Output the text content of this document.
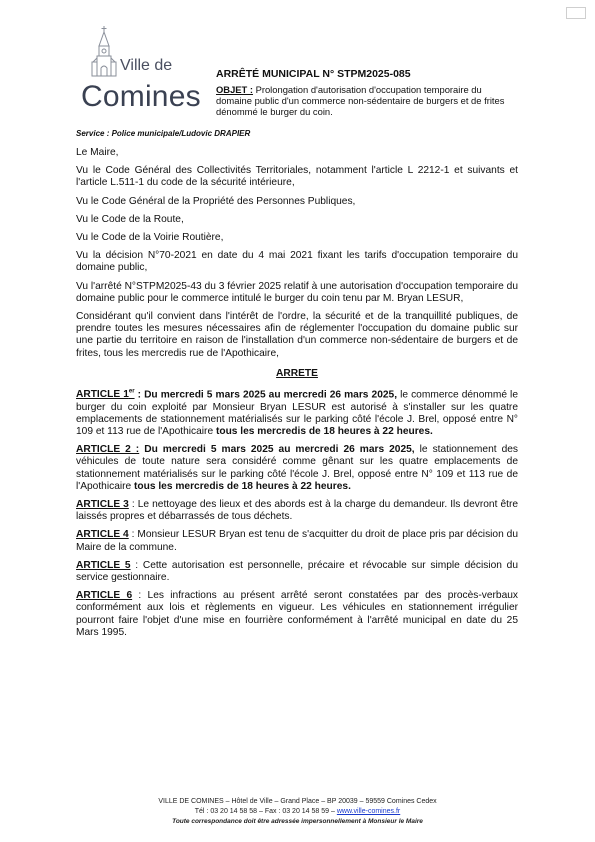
Ville de
Comines

ARRÊTÉ MUNICIPAL N° STPM2025-085

OBJET : Prolongation d'autorisation d'occupation temporaire du domaine public d'un commerce non-sédentaire de burgers et de frites dénommé le burger du coin.

Service : Police municipale/Ludovic DRAPIER

Le Maire,

Vu le Code Général des Collectivités Territoriales, notamment l'article L 2212-1 et suivants et l'article L.511-1 du code de la sécurité intérieure,

Vu le Code Général de la Propriété des Personnes Publiques,

Vu le Code de la Route,

Vu le Code de la Voirie Routière,

Vu la décision N°70-2021 en date du 4 mai 2021 fixant les tarifs d'occupation temporaire du domaine public,

Vu l'arrêté N°STPM2025-43 du 3 février 2025 relatif à une autorisation d'occupation temporaire du domaine public pour le commerce intitulé le burger du coin tenu par M. Bryan LESUR,

Considérant qu'il convient dans l'intérêt de l'ordre, la sécurité et de la tranquillité publiques, de prendre toutes les mesures nécessaires afin de réglementer l'occupation du domaine public sur une partie du territoire en raison de l'installation d'un commerce non-sédentaire de burgers et de frites, tous les mercredis rue de l'Apothicaire,

ARRETE

ARTICLE 1er : Du mercredi 5 mars 2025 au mercredi 26 mars 2025, le commerce dénommé le burger du coin exploité par Monsieur Bryan LESUR est autorisé à s'installer sur les quatre emplacements de stationnement matérialisés sur le parking côté l'école J. Brel, opposé entre N° 109 et 113 rue de l'Apothicaire tous les mercredis de 18 heures à 22 heures.

ARTICLE 2 : Du mercredi 5 mars 2025 au mercredi 26 mars 2025, le stationnement des véhicules de toute nature sera considéré comme gênant sur les quatre emplacements de stationnement matérialisés sur le parking côté l'école J. Brel, opposé entre N° 109 et 113 rue de l'Apothicaire tous les mercredis de 18 heures à 22 heures.

ARTICLE 3 : Le nettoyage des lieux et des abords est à la charge du demandeur. Ils devront être laissés propres et débarrassés de tous déchets.

ARTICLE 4 : Monsieur LESUR Bryan est tenu de s'acquitter du droit de place pris par décision du Maire de la commune.

ARTICLE 5 : Cette autorisation est personnelle, précaire et révocable sur simple décision du service gestionnaire.

ARTICLE 6 : Les infractions au présent arrêté seront constatées par des procès-verbaux conformément aux lois et règlements en vigueur. Les véhicules en stationnement irrégulier pourront faire l'objet d'une mise en fourrière conformément à l'arrêté municipal en date du 25 Mars 1995.

VILLE DE COMINES – Hôtel de Ville – Grand Place – BP 20039 – 59559 Comines Cedex
Tél : 03 20 14 58 58 – Fax : 03 20 14 58 59 – www.ville-comines.fr
Toute correspondance doit être adressée impersonnellement à Monsieur le Maire
